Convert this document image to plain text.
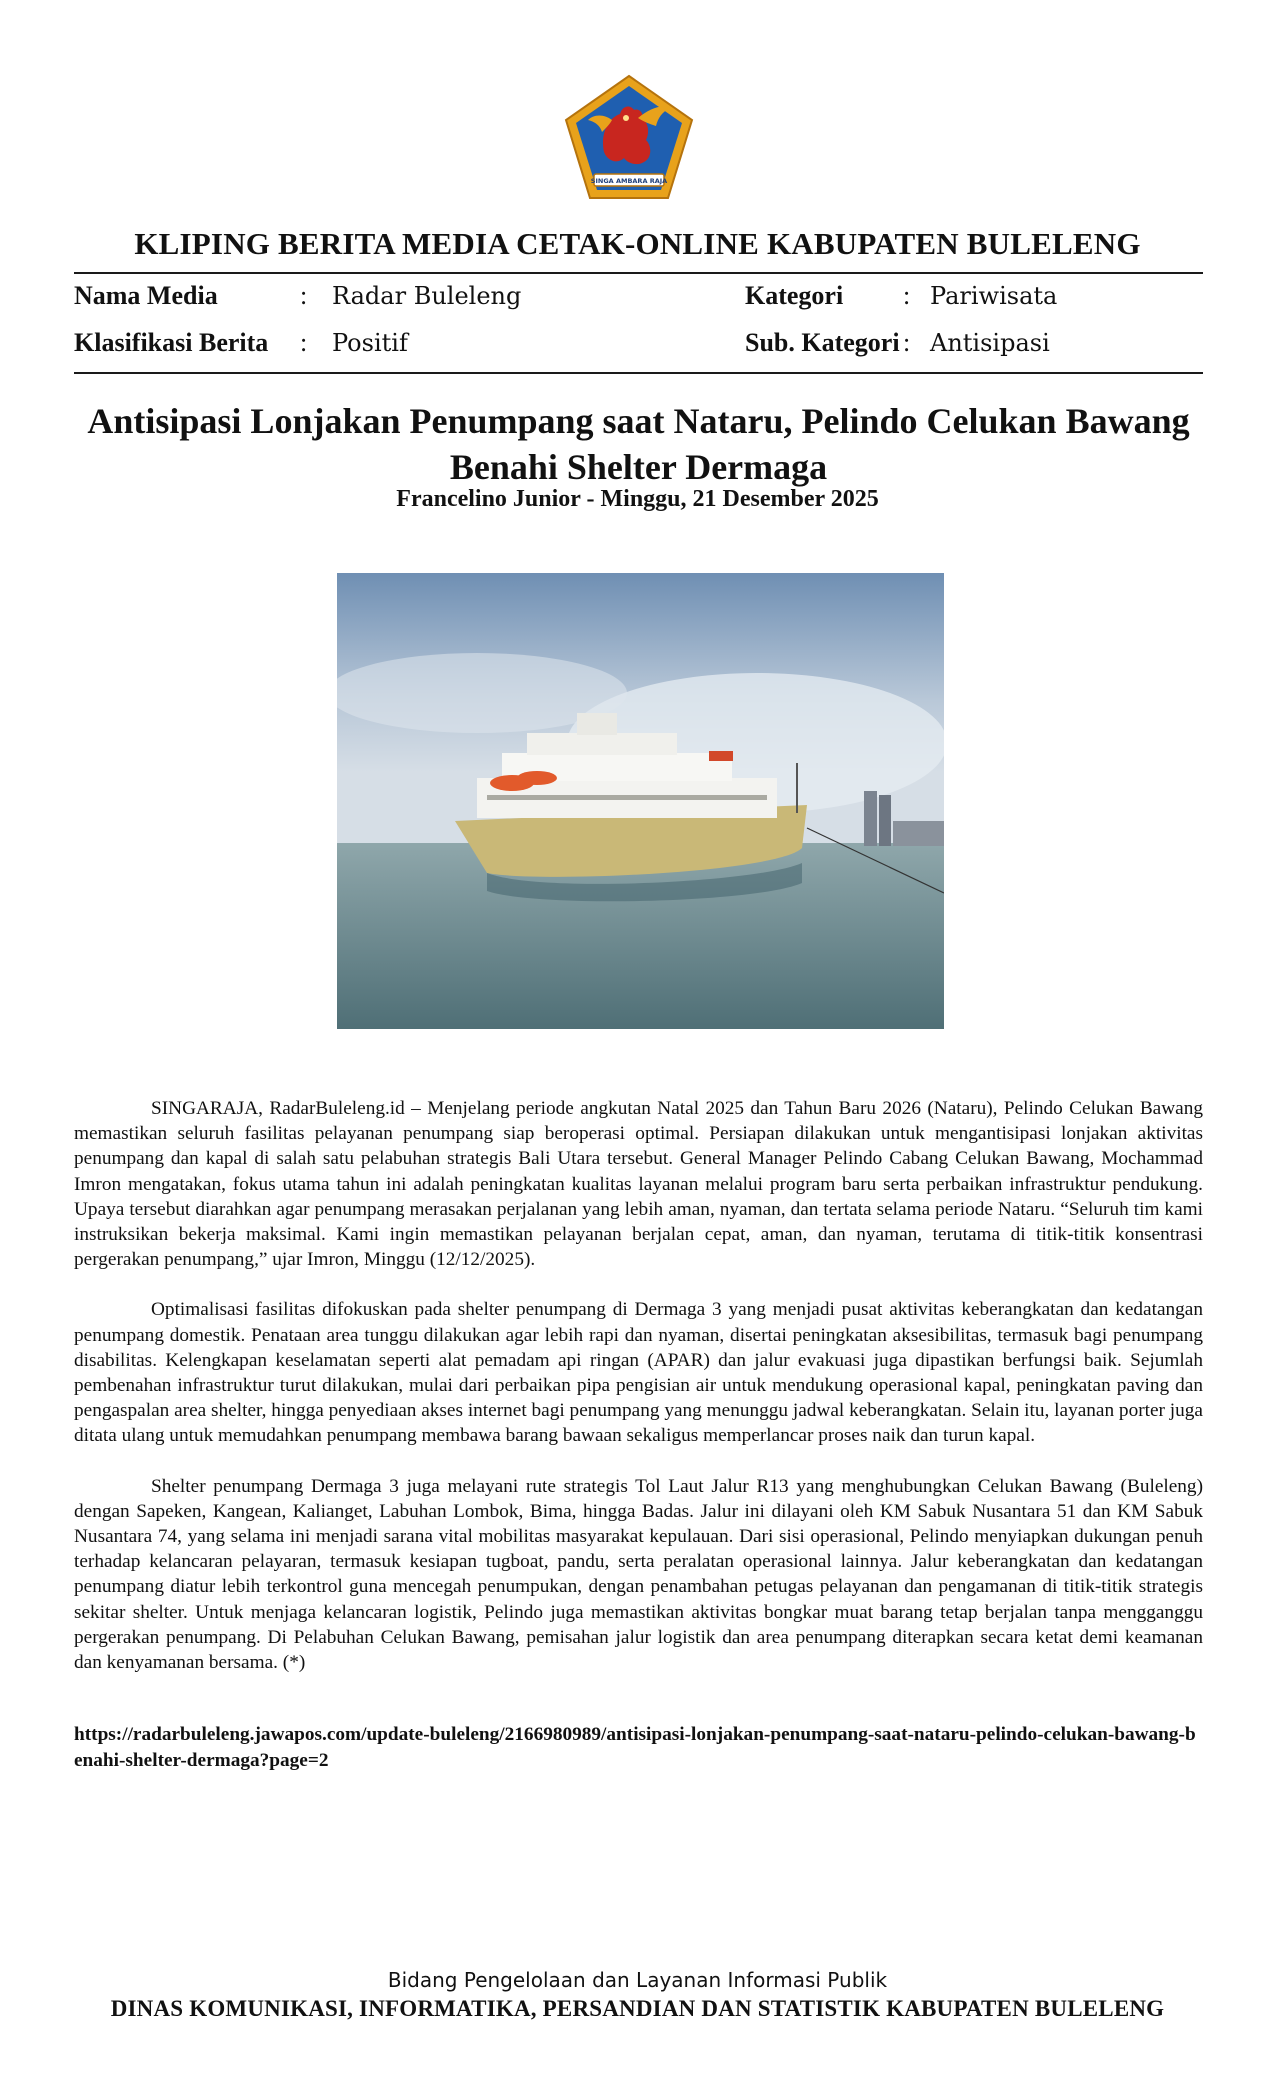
SINGA AMBARA RAJA
KLIPING BERITA MEDIA CETAK-ONLINE KABUPATEN BULELENG
Nama Media	: Radar Buleleng
Klasifikasi Berita : Positif
Kategori : Pariwisata
Sub. Kategori : Antisipasi
Antisipasi Lonjakan Penumpang saat Nataru, Pelindo Celukan Bawang Benahi Shelter Dermaga
Francelino Junior - Minggu, 21 Desember 2025

SINGARAJA, RadarBuleleng.id – Menjelang periode angkutan Natal 2025 dan Tahun Baru 2026 (Nataru), Pelindo Celukan Bawang memastikan seluruh fasilitas pelayanan penumpang siap beroperasi optimal. Persiapan dilakukan untuk mengantisipasi lonjakan aktivitas penumpang dan kapal di salah satu pelabuhan strategis Bali Utara tersebut. General Manager Pelindo Cabang Celukan Bawang, Mochammad Imron mengatakan, fokus utama tahun ini adalah peningkatan kualitas layanan melalui program baru serta perbaikan infrastruktur pendukung. Upaya tersebut diarahkan agar penumpang merasakan perjalanan yang lebih aman, nyaman, dan tertata selama periode Nataru. “Seluruh tim kami instruksikan bekerja maksimal. Kami ingin memastikan pelayanan berjalan cepat, aman, dan nyaman, terutama di titik-titik konsentrasi pergerakan penumpang,” ujar Imron, Minggu (12/12/2025).

Optimalisasi fasilitas difokuskan pada shelter penumpang di Dermaga 3 yang menjadi pusat aktivitas keberangkatan dan kedatangan penumpang domestik. Penataan area tunggu dilakukan agar lebih rapi dan nyaman, disertai peningkatan aksesibilitas, termasuk bagi penumpang disabilitas. Kelengkapan keselamatan seperti alat pemadam api ringan (APAR) dan jalur evakuasi juga dipastikan berfungsi baik. Sejumlah pembenahan infrastruktur turut dilakukan, mulai dari perbaikan pipa pengisian air untuk mendukung operasional kapal, peningkatan paving dan pengaspalan area shelter, hingga penyediaan akses internet bagi penumpang yang menunggu jadwal keberangkatan. Selain itu, layanan porter juga ditata ulang untuk memudahkan penumpang membawa barang bawaan sekaligus memperlancar proses naik dan turun kapal.

Shelter penumpang Dermaga 3 juga melayani rute strategis Tol Laut Jalur R13 yang menghubungkan Celukan Bawang (Buleleng) dengan Sapeken, Kangean, Kalianget, Labuhan Lombok, Bima, hingga Badas. Jalur ini dilayani oleh KM Sabuk Nusantara 51 dan KM Sabuk Nusantara 74, yang selama ini menjadi sarana vital mobilitas masyarakat kepulauan. Dari sisi operasional, Pelindo menyiapkan dukungan penuh terhadap kelancaran pelayaran, termasuk kesiapan tugboat, pandu, serta peralatan operasional lainnya. Jalur keberangkatan dan kedatangan penumpang diatur lebih terkontrol guna mencegah penumpukan, dengan penambahan petugas pelayanan dan pengamanan di titik-titik strategis sekitar shelter. Untuk menjaga kelancaran logistik, Pelindo juga memastikan aktivitas bongkar muat barang tetap berjalan tanpa mengganggu pergerakan penumpang. Di Pelabuhan Celukan Bawang, pemisahan jalur logistik dan area penumpang diterapkan secara ketat demi keamanan dan kenyamanan bersama. (*)

https://radarbuleleng.jawapos.com/update-buleleng/2166980989/antisipasi-lonjakan-penumpang-saat-nataru-pelindo-celukan-bawang-benahi-shelter-dermaga?page=2
Bidang Pengelolaan dan Layanan Informasi Publik
DINAS KOMUNIKASI, INFORMATIKA, PERSANDIAN DAN STATISTIK KABUPATEN BULELENG
